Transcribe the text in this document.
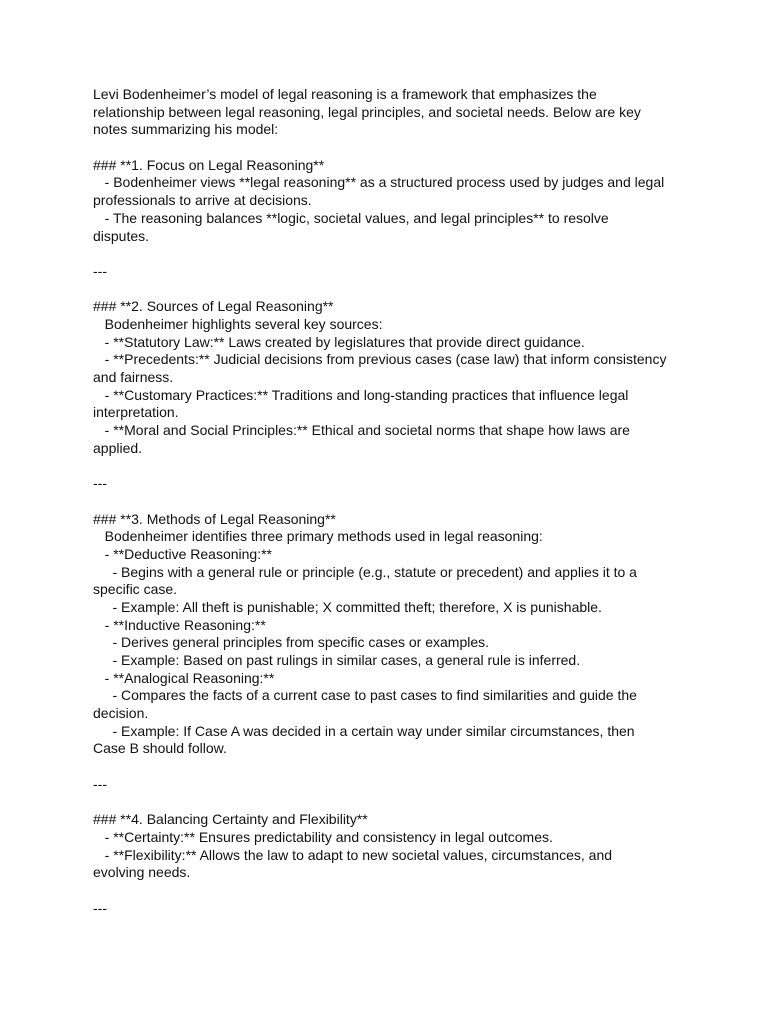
Levi Bodenheimer’s model of legal reasoning is a framework that emphasizes the

relationship between legal reasoning, legal principles, and societal needs. Below are key

notes summarizing his model:

### **1. Focus on Legal Reasoning**

- Bodenheimer views **legal reasoning** as a structured process used by judges and legal

professionals to arrive at decisions.

- The reasoning balances **logic, societal values, and legal principles** to resolve

disputes.

---

### **2. Sources of Legal Reasoning**

Bodenheimer highlights several key sources:

- **Statutory Law:** Laws created by legislatures that provide direct guidance.

- **Precedents:** Judicial decisions from previous cases (case law) that inform consistency

and fairness.

- **Customary Practices:** Traditions and long-standing practices that influence legal

interpretation.

- **Moral and Social Principles:** Ethical and societal norms that shape how laws are

applied.

---

### **3. Methods of Legal Reasoning**

Bodenheimer identifies three primary methods used in legal reasoning:

- **Deductive Reasoning:**

- Begins with a general rule or principle (e.g., statute or precedent) and applies it to a

specific case.

- Example: All theft is punishable; X committed theft; therefore, X is punishable.

- **Inductive Reasoning:**

- Derives general principles from specific cases or examples.

- Example: Based on past rulings in similar cases, a general rule is inferred.

- **Analogical Reasoning:**

- Compares the facts of a current case to past cases to find similarities and guide the

decision.

- Example: If Case A was decided in a certain way under similar circumstances, then

Case B should follow.

---

### **4. Balancing Certainty and Flexibility**

- **Certainty:** Ensures predictability and consistency in legal outcomes.

- **Flexibility:** Allows the law to adapt to new societal values, circumstances, and

evolving needs.

---
